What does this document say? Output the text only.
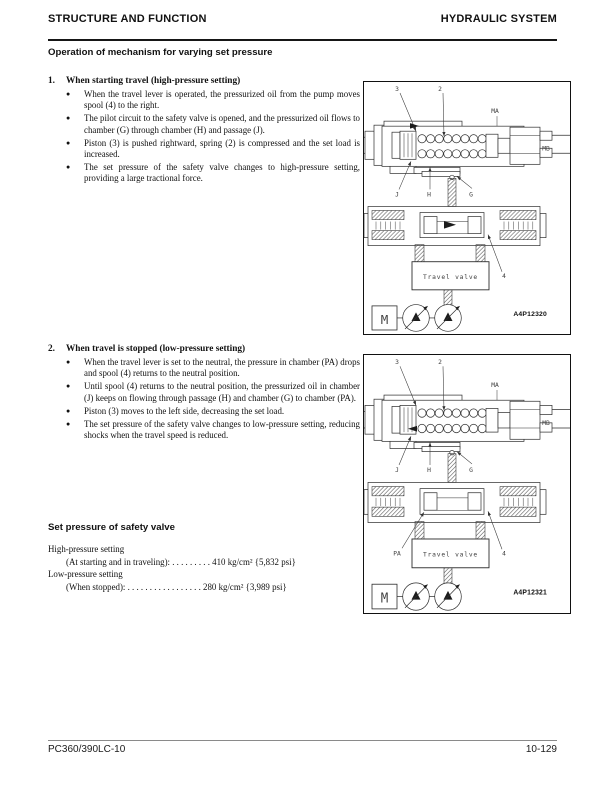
STRUCTURE AND FUNCTION	HYDRAULIC SYSTEM
Operation of mechanism for varying set pressure
1.	When starting travel (high-pressure setting)
●	When the travel lever is operated, the pressurized oil from the pump moves spool (4) to the right.
●	The pilot circuit to the safety valve is opened, and the pressurized oil flows to chamber (G) through chamber (H) and passage (J).
●	Piston (3) is pushed rightward, spring (2) is compressed and the set load is increased.
●	The set pressure of the safety valve changes to high-pressure setting, providing a large tractional force.
3	2
MA
MB
J	H	G
Travel valve	4
M	A4P12320
2.	When travel is stopped (low-pressure setting)
●	When the travel lever is set to the neutral, the pressure in chamber (PA) drops and spool (4) returns to the neutral position.
●	Until spool (4) returns to the neutral position, the pressurized oil in chamber (J) keeps on flowing through passage (H) and chamber (G) to chamber (PA).
●	Piston (3) moves to the left side, decreasing the set load.
●	The set pressure of the safety valve changes to low-pressure setting, reducing shocks when the travel speed is reduced.
3	2
MA
MB
J	H	G
Travel valve	4
PA
M	A4P12321
Set pressure of safety valve
High-pressure setting
(At starting and in traveling): . . . . . . . . . 410 kg/cm² {5,832 psi}
Low-pressure setting
(When stopped): . . . . . . . . . . . . . . . . . 280 kg/cm² {3,989 psi}
PC360/390LC-10	10-129
